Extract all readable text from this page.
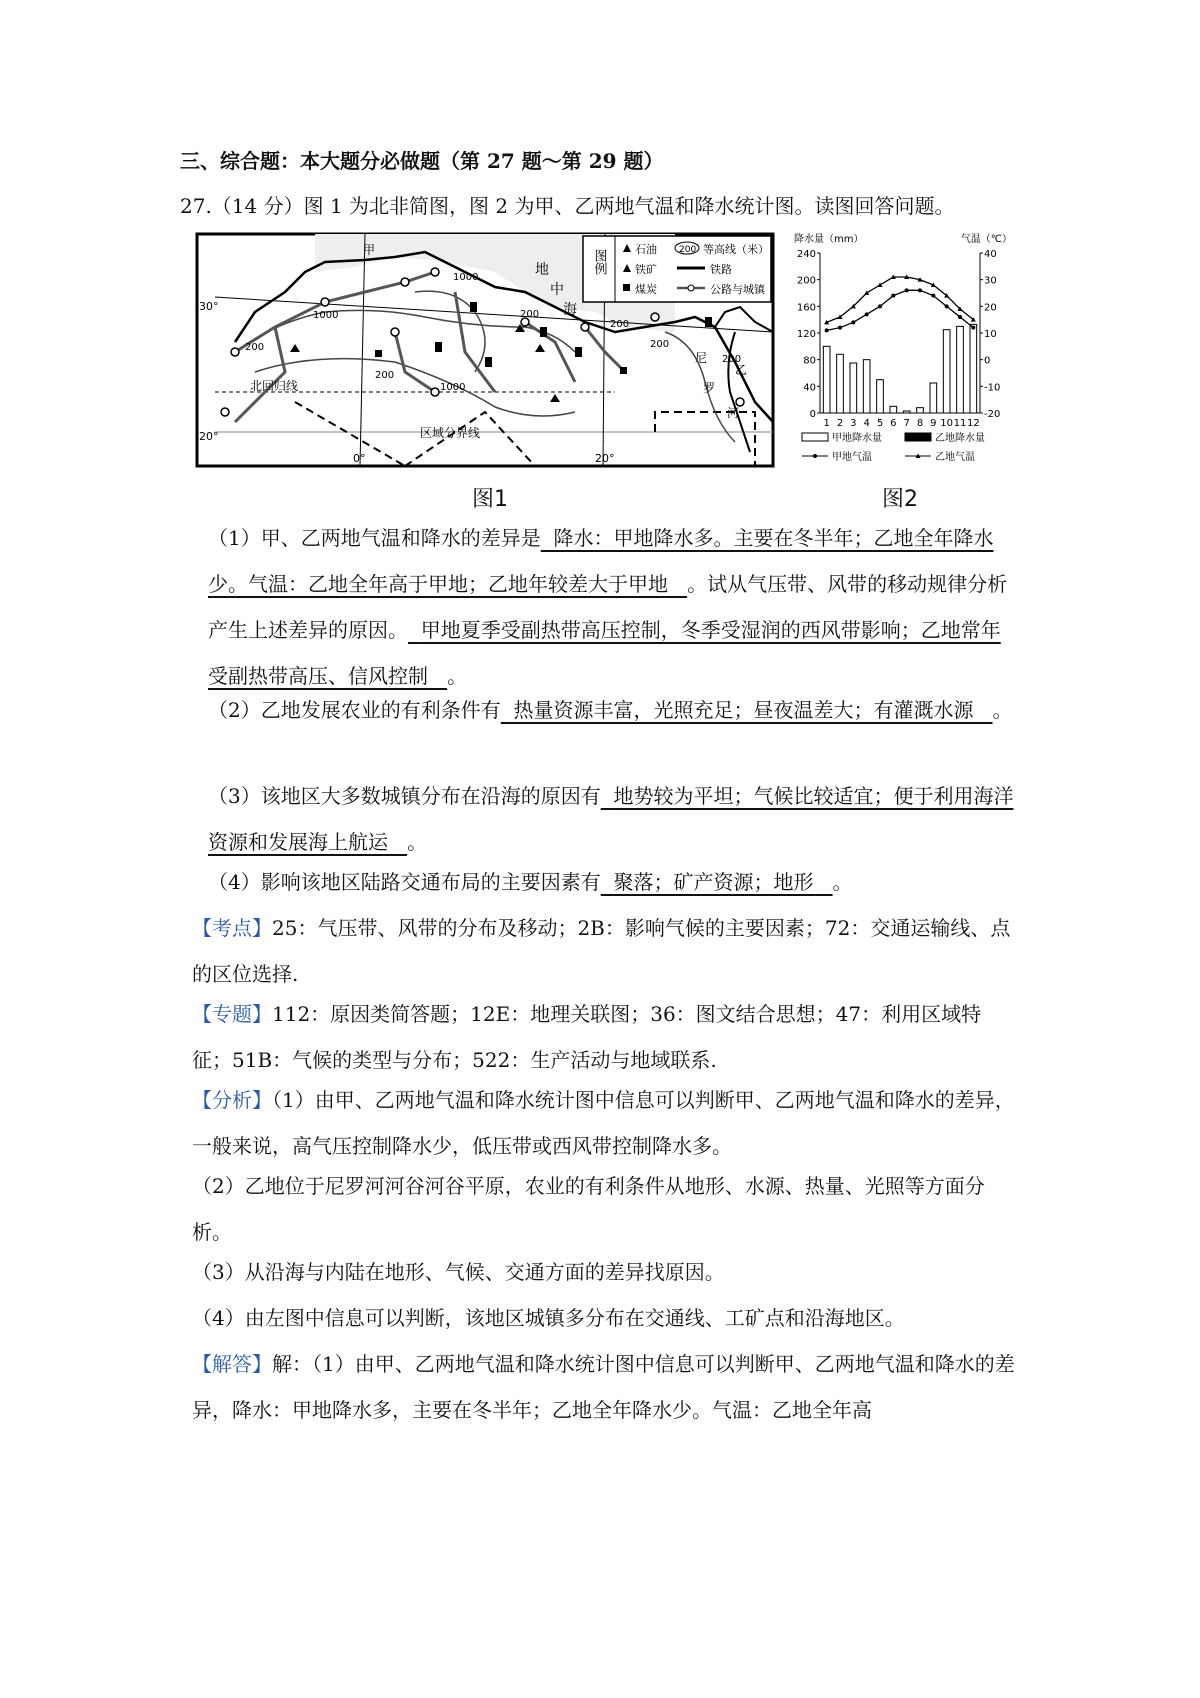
三、综合题：本大题分必做题（第 27 题～第 29 题）
27.（14 分）图 1 为北非简图，图 2 为甲、乙两地气温和降水统计图。读图回答问题。
图例	石油 200 等高线（米）
铁矿	铁路
煤炭	公路与城镇
地
中
海
北回归线
区域分界线
30°
20°
0°	20°
1000
1000
1000
200
200
200
200
200
200
尼
罗
河
乙
甲
图1
降水量（mm）	气温（℃）
0
40
80
120
160
200
240
-20
-10
0
10
20
30
40
1 2 3 4 5 6 7 8 9 10 11 12
甲地降水量	乙地降水量
甲地气温	乙地气温
图2
（1）甲、乙两地气温和降水的差异是 降水：甲地降水多。主要在冬半年；乙地全年降水少。气温：乙地全年高于甲地；乙地年较差大于甲地 。试从气压带、风带的移动规律分析产生上述差异的原因。 甲地夏季受副热带高压控制，冬季受湿润的西风带影响；乙地常年受副热带高压、信风控制 。
（2）乙地发展农业的有利条件有 热量资源丰富，光照充足；昼夜温差大；有灌溉水源 。
（3）该地区大多数城镇分布在沿海的原因有 地势较为平坦；气候比较适宜；便于利用海洋资源和发展海上航运 。
（4）影响该地区陆路交通布局的主要因素有 聚落；矿产资源；地形 。
【考点】25：气压带、风带的分布及移动；2B：影响气候的主要因素；72：交通运输线、点的区位选择.
【专题】112：原因类简答题；12E：地理关联图；36：图文结合思想；47：利用区域特征；51B：气候的类型与分布；522：生产活动与地域联系.
【分析】（1）由甲、乙两地气温和降水统计图中信息可以判断甲、乙两地气温和降水的差异，一般来说，高气压控制降水少，低压带或西风带控制降水多。
（2）乙地位于尼罗河河谷河谷平原，农业的有利条件从地形、水源、热量、光照等方面分析。
（3）从沿海与内陆在地形、气候、交通方面的差异找原因。
（4）由左图中信息可以判断，该地区城镇多分布在交通线、工矿点和沿海地区。
【解答】解：（1）由甲、乙两地气温和降水统计图中信息可以判断甲、乙两地气温和降水的差异，降水：甲地降水多，主要在冬半年；乙地全年降水少。气温：乙地全年高
